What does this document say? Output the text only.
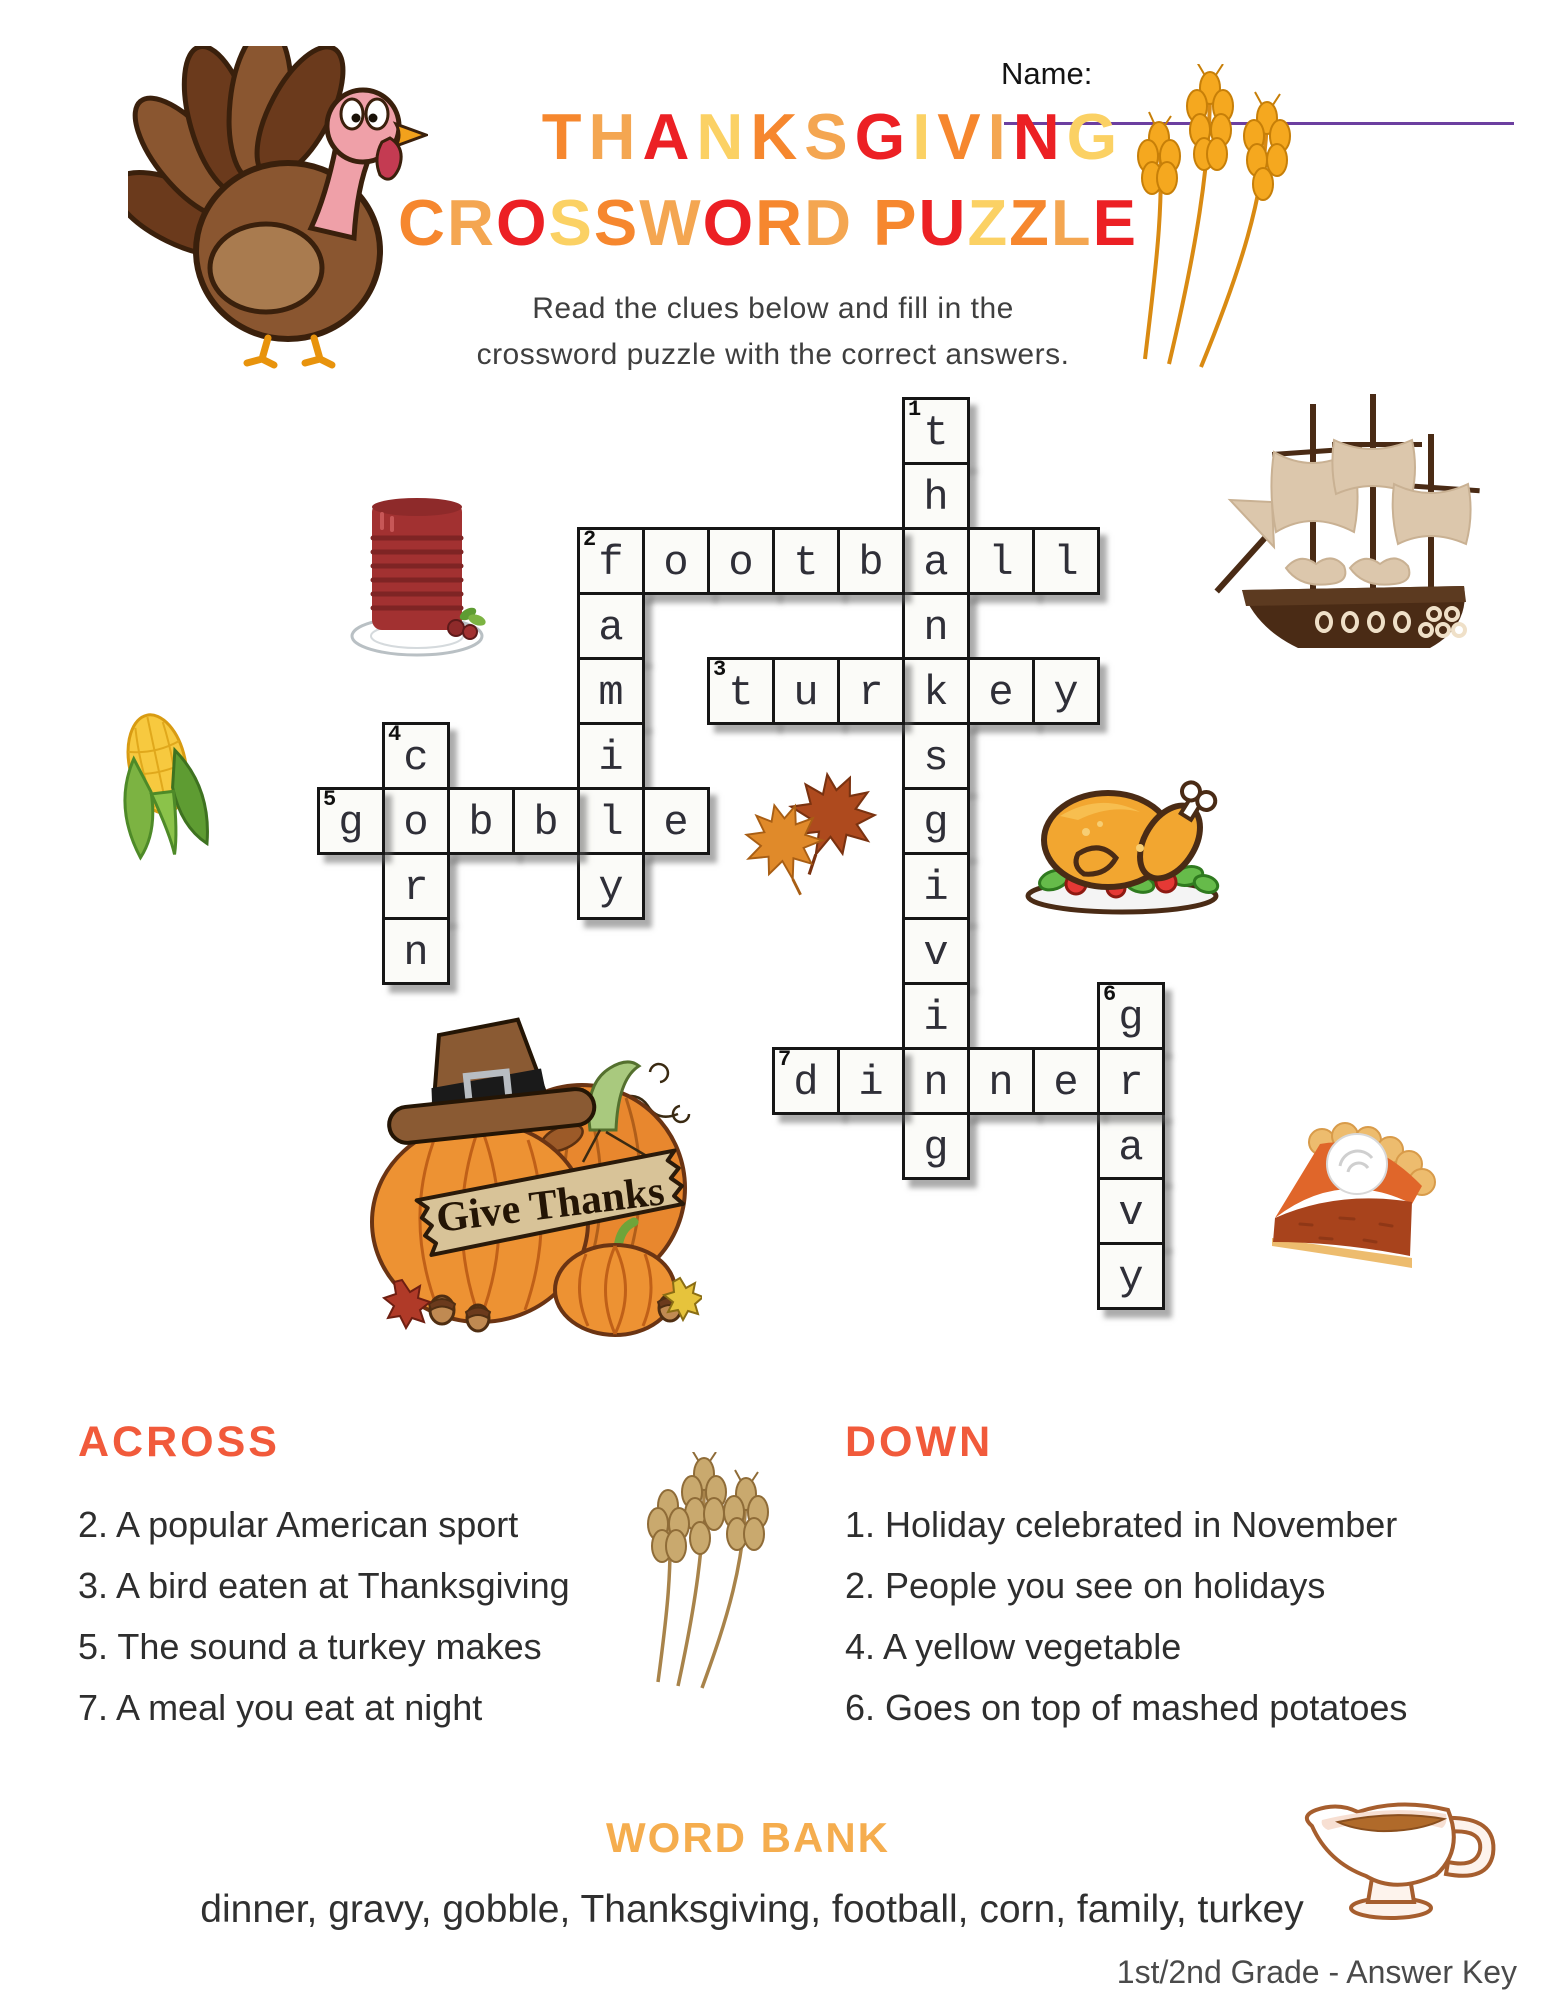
Name:
THANKSGIVING
CROSSWORD PUZZLE
Read the clues below and fill in the
crossword puzzle with the correct answers.
Give Thanks
t
1
h
a
n
k
s
g
i
v
i
n
g
f
2 o o t b l l
a
m
i
l
y
t
3 u r e y
c
4
o
r
n
g
5	b b e
g
6
a
v
y
d
7 i n e r
ACROSS
2. A popular American sport
3. A bird eaten at Thanksgiving
5. The sound a turkey makes
7. A meal you eat at night
DOWN
1. Holiday celebrated in November
2. People you see on holidays
4. A yellow vegetable
6. Goes on top of mashed potatoes
WORD BANK
dinner, gravy, gobble, Thanksgiving, football, corn, family, turkey
1st/2nd Grade - Answer Key
